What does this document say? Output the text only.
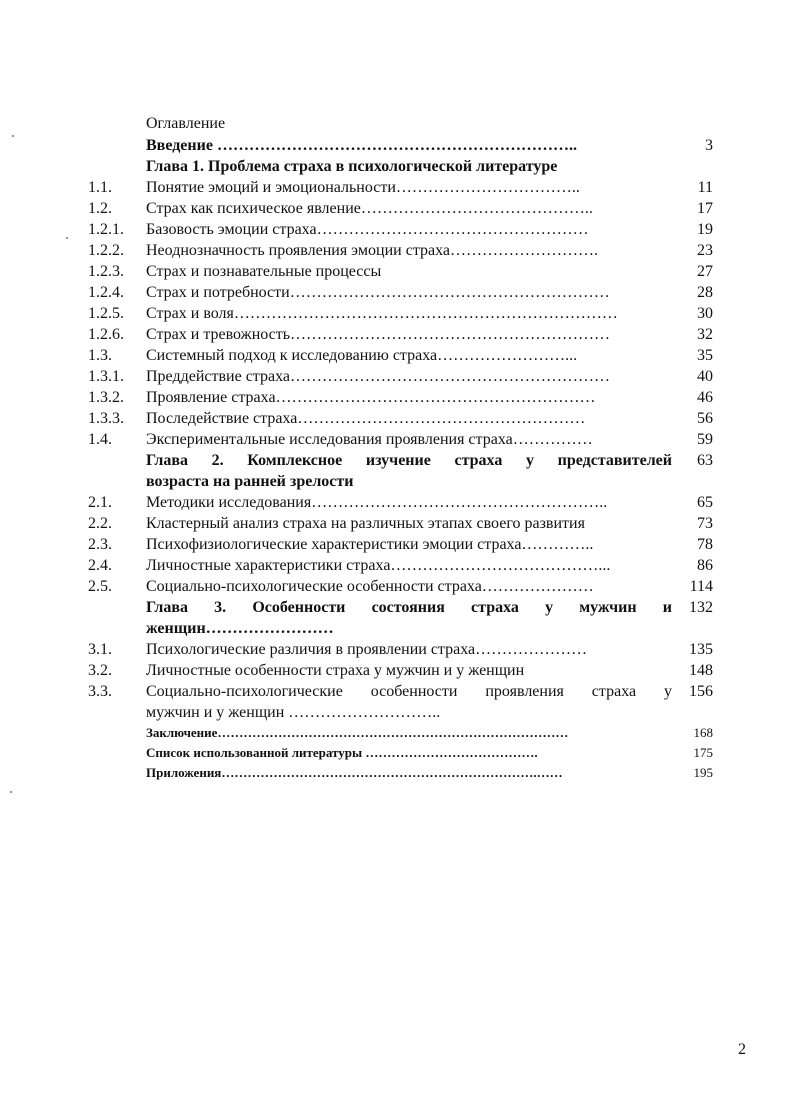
Оглавление
Введение …………………………………………………………..	3
Глава 1. Проблема страха в психологической литературе
1.1. Понятие эмоций и эмоциональности……………………………..	11
1.2. Страх как психическое явление……………………………………..	17
1.2.1. Базовость эмоции страха……………………………………………	19
1.2.2. Неоднозначность проявления эмоции страха……………………….	23
1.2.3. Страх и познавательные процессы	27
1.2.4. Страх и потребности……………………………………………………	28
1.2.5. Страх и воля………………………………………………………………	30
1.2.6. Страх и тревожность……………………………………………………	32
1.3. Системный подход к исследованию страха……………………...	35
1.3.1. Преддействие страха……………………………………………………	40
1.3.2. Проявление страха……………………………………………………	46
1.3.3. Последействие страха………………………………………………	56
1.4. Экспериментальные исследования проявления страха……………	59
Глава 2. Комплексное изучение страха у представителей	63
возраста на ранней зрелости
2.1. Методики исследования………………………………………………..	65
2.2. Кластерный анализ страха на различных этапах своего развития	73
2.3. Психофизиологические характеристики эмоции страха…………..	78
2.4. Личностные характеристики страха…………………………………...	86
2.5. Социально-психологические особенности страха…………………	114
Глава 3. Особенности состояния страха у мужчин и	132
женщин……………………
3.1. Психологические различия в проявлении страха…………………	135
3.2. Личностные особенности страха у мужчин и у женщин	148
3.3. Социально-психологические особенности проявления страха у	156
мужчин и у женщин ………………………..
Заключение………………………………………………………………………	168
Список использованной литературы ………………………………….	175
Приложения……………………………………………………………….……	195
2
